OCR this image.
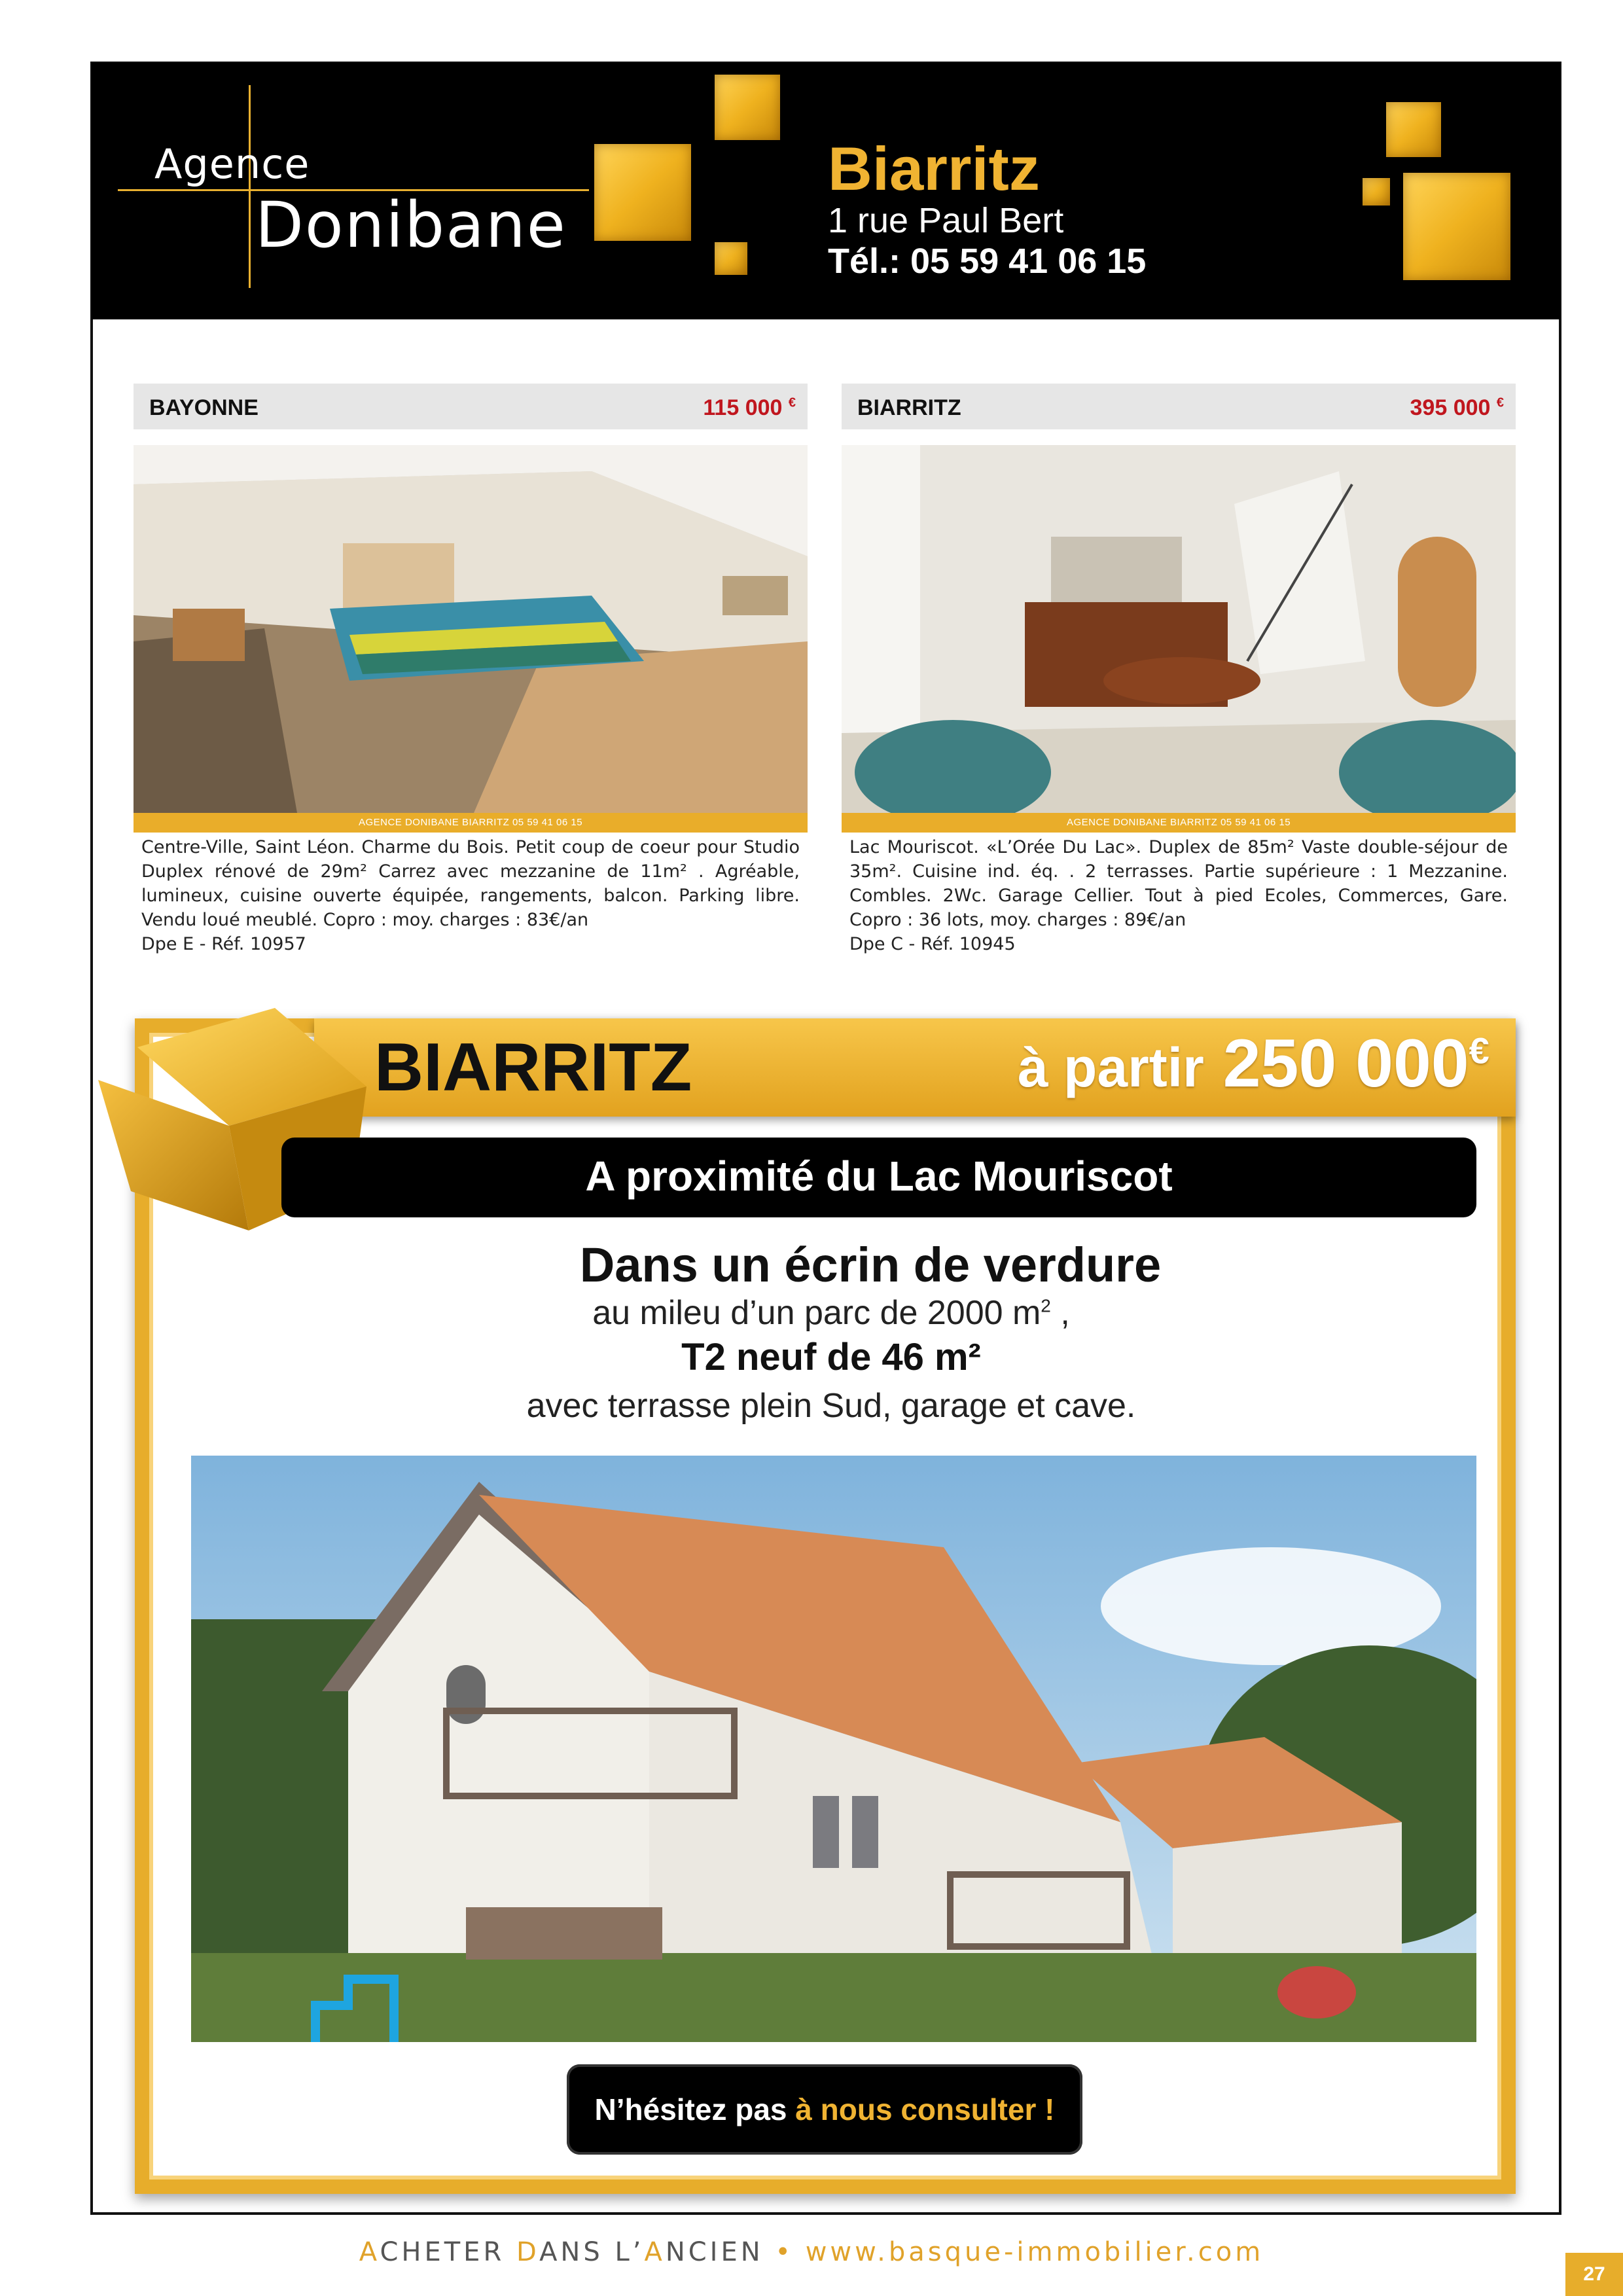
Agence
Donibane
Biarritz
1 rue Paul Bert
Tél.: 05 59 41 06 15
BAYONNE	115 000 €
AGENCE DONIBANE BIARRITZ 05 59 41 06 15
Centre-Ville, Saint Léon. Charme du Bois. Petit coup de coeur pour Studio Duplex rénové de 29m² Carrez avec mezzanine de 11m² . Agréable, lumineux, cuisine ouverte équipée, rangements, balcon. Parking libre. Vendu loué meublé. Copro : moy. charges : 83€/an
Dpe E - Réf. 10957
BIARRITZ	395 000 €
AGENCE DONIBANE BIARRITZ 05 59 41 06 15
Lac Mouriscot. «L’Orée Du Lac». Duplex de 85m² Vaste double-séjour de 35m². Cuisine ind. éq. . 2 terrasses. Partie supérieure : 1 Mezzanine. Combles. 2Wc. Garage Cellier. Tout à pied Ecoles, Commerces, Gare. Copro : 36 lots, moy. charges : 89€/an
Dpe C - Réf. 10945
BIARRITZ	à partir 250 000€
A proximité du Lac Mouriscot
Dans un écrin de verdure
au mileu d’un parc de 2000 $m^2$ ,
T2 neuf de 46 m²
avec terrasse plein Sud, garage et cave.
N’hésitez pas à nous consulter !
ACHETER DANS L’ANCIEN • www.basque-immobilier.com
27
